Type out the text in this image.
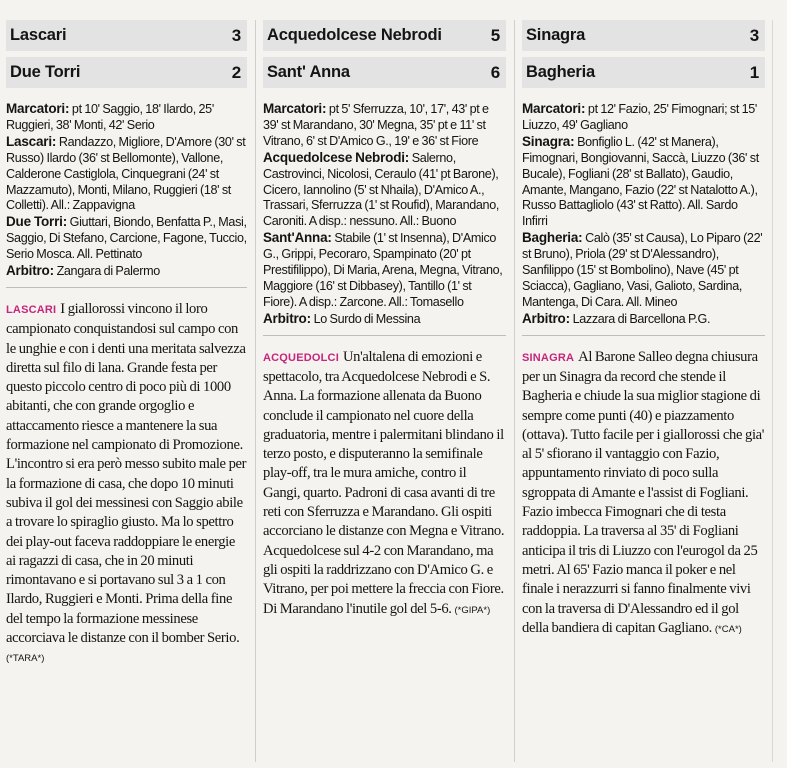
Lascari	3
Due Torri	2

Marcatori: pt 10' Saggio, 18' Ilardo, 25' Ruggieri, 38' Monti, 42' Serio

Lascari: Randazzo, Migliore, D'Amore (30' st Russo) Ilardo (36' st Bellomonte), Vallone, Calderone Castiglola, Cinquegrani (24' st Mazzamuto), Monti, Milano, Ruggieri (18' st Colletti). All.: Zappavigna

Due Torri: Giuttari, Biondo, Benfatta P., Masi, Saggio, Di Stefano, Carcione, Fagone, Tuccio, Serio Mosca. All. Pettinato

Arbitro: Zangara di Palermo

LASCARI I giallorossi vincono il loro campionato conquistandosi sul campo con le unghie e con i denti una meritata salvezza diretta sul filo di lana. Grande festa per questo piccolo centro di poco più di 1000 abitanti, che con grande orgoglio e attaccamento riesce a mantenere la sua formazione nel campionato di Promozione. L'incontro si era però messo subito male per la formazione di casa, che dopo 10 minuti subiva il gol dei messinesi con Saggio abile a trovare lo spiraglio giusto. Ma lo spettro dei play-out faceva raddoppiare le energie ai ragazzi di casa, che in 20 minuti rimontavano e si portavano sul 3 a 1 con Ilardo, Ruggieri e Monti. Prima della fine del tempo la formazione messinese accorciava le distanze con il bomber Serio. (*TARA*)
Acquedolcese Nebrodi	5
Sant' Anna	6

Marcatori: pt 5' Sferruzza, 10', 17', 43' pt e 39' st Marandano, 30' Megna, 35' pt e 11' st Vitrano, 6' st D'Amico G., 19' e 36' st Fiore

Acquedolcese Nebrodi: Salerno, Castrovinci, Nicolosi, Ceraulo (41' pt Barone), Cicero, Iannolino (5' st Nhaila), D'Amico A., Trassari, Sferruzza (1' st Roufid), Marandano, Caroniti. A disp.: nessuno. All.: Buono

Sant'Anna: Stabile (1' st Insenna), D'Amico G., Grippi, Pecoraro, Spampinato (20' pt Prestifilippo), Di Maria, Arena, Megna, Vitrano, Maggiore (16' st Dibbasey), Tantillo (1' st Fiore). A disp.: Zarcone. All.: Tomasello

Arbitro: Lo Surdo di Messina

ACQUEDOLCI Un'altalena di emozioni e spettacolo, tra Acquedolcese Nebrodi e S. Anna. La formazione allenata da Buono conclude il campionato nel cuore della graduatoria, mentre i palermitani blindano il terzo posto, e disputeranno la semifinale play-off, tra le mura amiche, contro il Gangi, quarto. Padroni di casa avanti di tre reti con Sferruzza e Marandano. Gli ospiti accorciano le distanze con Megna e Vitrano. Acquedolcese sul 4-2 con Marandano, ma gli ospiti la raddrizzano con D'Amico G. e Vitrano, per poi mettere la freccia con Fiore. Di Marandano l'inutile gol del 5-6. (*GIPA*)
Sinagra	3
Bagheria	1

Marcatori: pt 12' Fazio, 25' Fimognari; st 15' Liuzzo, 49' Gagliano

Sinagra: Bonfiglio L. (42' st Manera), Fimognari, Bongiovanni, Saccà, Liuzzo (36' st Bucale), Fogliani (28' st Ballato), Gaudio, Amante, Mangano, Fazio (22' st Natalotto A.), Russo Battagliolo (43' st Ratto). All. Sardo Infirri

Bagheria: Calò (35' st Causa), Lo Piparo (22' st Bruno), Priola (29' st D'Alessandro), Sanfilippo (15' st Bombolino), Nave (45' pt Sciacca), Gagliano, Vasi, Galioto, Sardina, Mantenga, Di Cara. All. Mineo

Arbitro: Lazzara di Barcellona P.G.

SINAGRA Al Barone Salleo degna chiusura per un Sinagra da record che stende il Bagheria e chiude la sua miglior stagione di sempre come punti (40) e piazzamento (ottava). Tutto facile per i giallorossi che gia' al 5' sfiorano il vantaggio con Fazio, appuntamento rinviato di poco sulla sgroppata di Amante e l'assist di Fogliani. Fazio imbecca Fimognari che di testa raddoppia. La traversa al 35' di Fogliani anticipa il tris di Liuzzo con l'eurogol da 25 metri. Al 65' Fazio manca il poker e nel finale i nerazzurri si fanno finalmente vivi con la traversa di D'Alessandro ed il gol della bandiera di capitan Gagliano. (*CA*)
